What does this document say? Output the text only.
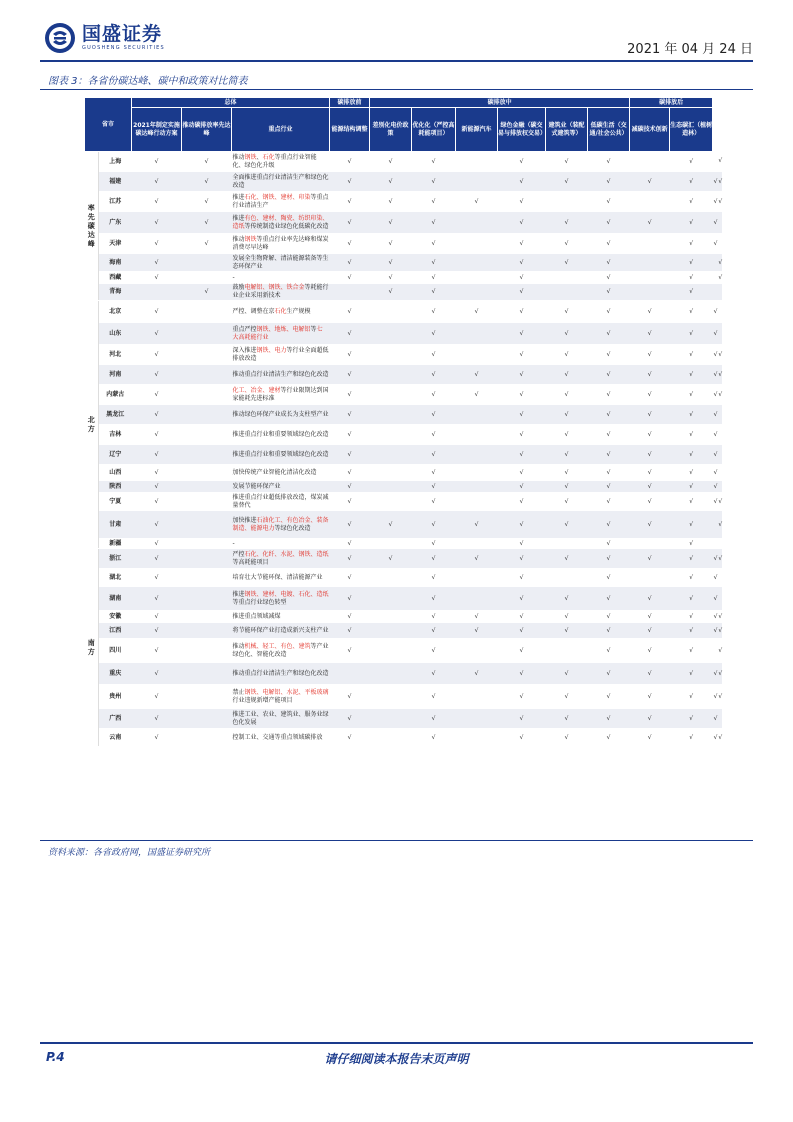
国盛证券
GUOSHENG SECURITIES	2021 年 04 月 24 日
图表 3：各省份碳达峰、碳中和政策对比简表
省市		总体			碳排放前	碳排放中						碳排放后			
		2021年制定实施碳达峰行动方案	推动碳排放率先达峰	重点行业	能源结构调整	差别化电价政策	优化化（严控高耗能项目）	新能源汽车	绿色金融（碳交易与排放权交易）	建筑业（装配式建筑等）	低碳生活（交通/社会公共）	减碳技术创新	生态碳汇（植树造林）		
率先碳达峰	上海	√	√	推动钢铁、石化等重点行业智能化、绿色化升级	√	√	√		√	√	√		√		√
	福建	√	√	全面推进重点行业清洁生产和绿色化改造	√	√	√		√	√	√	√	√	√	√
	江苏	√	√	推进石化、钢铁、建材、印染等重点行业清洁生产	√	√	√	√	√		√		√	√	√
	广东	√	√	推进有色、建材、陶瓷、纺织印染、造纸等传统制造业绿色化低碳化改造	√	√	√		√	√	√	√	√	√	
	天津	√	√	推动钢铁等重点行业率先达峰和煤炭消费尽早达峰	√	√	√		√	√	√		√	√	
	海南	√		发展全生物降解、清洁能源装备等生态环保产业	√	√	√		√	√	√		√		√
	西藏	√		-	√	√	√		√		√		√		√
	青海		√	鼓励电解铝、钢铁、铁合金等耗能行业企业采用新技术		√	√		√		√		√		
北方	北京	√		严控、调整在京石化生产规模	√		√	√	√	√	√	√	√	√	
	山东	√		重点严控钢铁、地炼、电解铝等七大高耗能行业	√		√		√	√	√	√	√	√	
	河北	√		深入推进钢铁、电力等行业全面超低排放改造	√		√		√	√	√	√	√	√	√
	河南	√		推动重点行业清洁生产和绿色化改造	√		√	√	√	√	√	√	√	√	√
	内蒙古	√		化工、冶金、建材等行业限期达到国家能耗先进标准	√		√	√	√	√	√	√	√	√	√
	黑龙江	√		推动绿色环保产业成长为支柱型产业	√		√		√	√	√	√	√	√	
	吉林	√		推进重点行业和重要领域绿色化改造	√		√		√	√	√	√	√	√	
	辽宁	√		推进重点行业和重要领域绿色化改造	√		√		√	√	√	√	√	√	
	山西	√		加快传统产业智能化清洁化改造	√		√		√	√	√	√	√	√	
	陕西	√		发展节能环保产业	√		√		√	√	√	√	√	√	
	宁夏	√		推进重点行业超低排放改造，煤炭减量替代	√		√		√	√	√	√	√	√	√
	甘肃	√		加快推进石油化工、有色冶金、装备制造、能源电力等绿色化改造	√	√	√	√	√	√	√	√	√		√
	新疆	√		-	√		√		√		√		√		
南方	浙江	√		严控石化、化纤、水泥、钢铁、造纸等高耗能项目	√	√	√	√	√	√	√	√	√	√	√
	湖北	√		培育壮大节能环保、清洁能源产业	√		√		√		√		√	√	
	湖南	√		推进钢铁、建材、电镀、石化、造纸等重点行业绿色转型	√		√		√	√	√	√	√	√	
	安徽	√		推进重点领域减煤	√		√	√	√	√	√	√	√	√	√
	江西	√		将节能环保产业打造成新兴支柱产业	√		√	√	√	√	√	√	√	√	√
	四川	√		推动机械、轻工、有色、建筑等产业绿色化、智能化改造	√		√		√		√	√	√		√
	重庆	√		推动重点行业清洁生产和绿色化改造			√	√	√	√	√	√	√	√	√
	贵州	√		禁止钢铁、电解铝、水泥、平板玻璃行业违规新增产能项目	√		√		√	√	√	√	√	√	√
	广西	√		推进工业、农业、建筑业、服务业绿色化发展	√		√		√	√	√	√	√	√	
	云南	√		控制工业、交通等重点领域碳排放	√		√		√	√	√	√	√	√	√
资料来源：各省政府网，国盛证券研究所
P.4	请仔细阅读本报告末页声明
